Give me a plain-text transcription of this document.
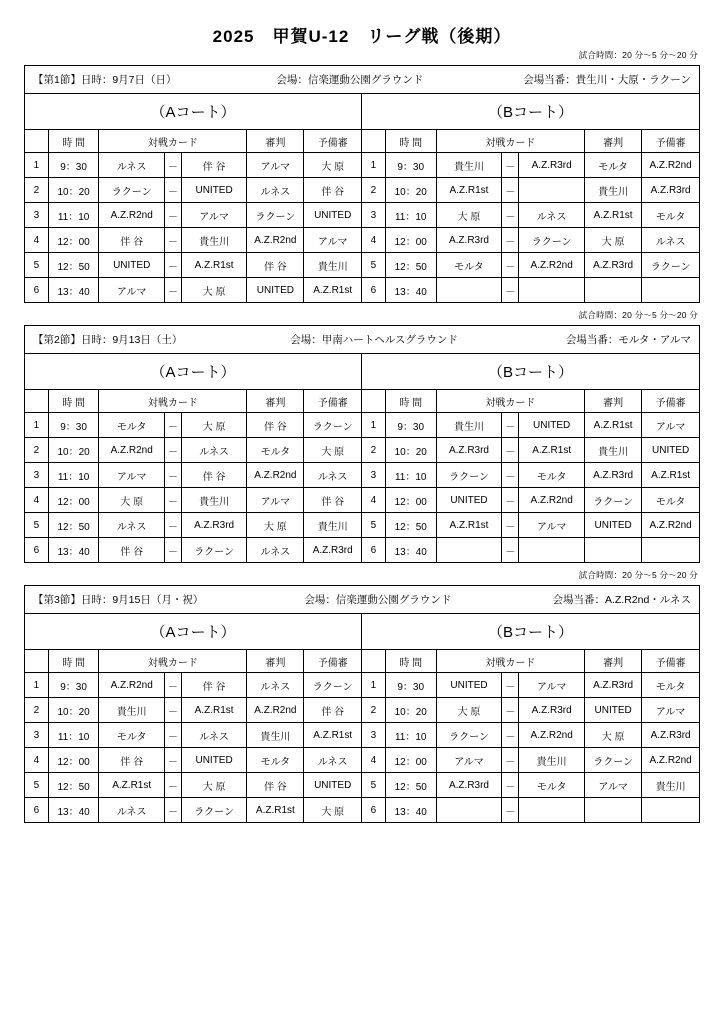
2025　甲賀U-12　リーグ戦（後期）
試合時間：20 分～5 分～20 分
【第1節】日時：9月7日（日）	会場：信楽運動公園グラウンド	会場当番：貴生川・大原・ラクーン
（Aコート）
	時 間	対戦カード			審判	予備審
1	9：30	ルネス	－	伴 谷	アルマ	大 原
2	10：20	ラクーン	－	UNITED	ルネス	伴 谷
3	11：10	A.Z.R2nd	－	アルマ	ラクーン	UNITED
4	12：00	伴 谷	－	貴生川	A.Z.R2nd	アルマ
5	12：50	UNITED	－	A.Z.R1st	伴 谷	貴生川
6	13：40	アルマ	－	大 原	UNITED	A.Z.R1st
（Bコート）
	時 間	対戦カード			審判	予備審
1	9：30	貴生川	－	A.Z.R3rd	モルタ	A.Z.R2nd
2	10：20	A.Z.R1st	－		貴生川	A.Z.R3rd
3	11：10	大 原	－	ルネス	A.Z.R1st	モルタ
4	12：00	A.Z.R3rd	－	ラクーン	大 原	ルネス
5	12：50	モルタ	－	A.Z.R2nd	A.Z.R3rd	ラクーン
6	13：40		－			
試合時間：20 分～5 分～20 分
【第2節】日時：9月13日（土）	会場：甲南ハートヘルスグラウンド	会場当番：モルタ・アルマ
（Aコート）
	時 間	対戦カード			審判	予備審
1	9：30	モルタ	－	大 原	伴 谷	ラクーン
2	10：20	A.Z.R2nd	－	ルネス	モルタ	大 原
3	11：10	アルマ	－	伴 谷	A.Z.R2nd	ルネス
4	12：00	大 原	－	貴生川	アルマ	伴 谷
5	12：50	ルネス	－	A.Z.R3rd	大 原	貴生川
6	13：40	伴 谷	－	ラクーン	ルネス	A.Z.R3rd
（Bコート）
	時 間	対戦カード			審判	予備審
1	9：30	貴生川	－	UNITED	A.Z.R1st	アルマ
2	10：20	A.Z.R3rd	－	A.Z.R1st	貴生川	UNITED
3	11：10	ラクーン	－	モルタ	A.Z.R3rd	A.Z.R1st
4	12：00	UNITED	－	A.Z.R2nd	ラクーン	モルタ
5	12：50	A.Z.R1st	－	アルマ	UNITED	A.Z.R2nd
6	13：40		－			
試合時間：20 分～5 分～20 分
【第3節】日時：9月15日（月・祝）	会場：信楽運動公園グラウンド	会場当番：A.Z.R2nd・ルネス
（Aコート）
	時 間	対戦カード			審判	予備審
1	9：30	A.Z.R2nd	－	伴 谷	ルネス	ラクーン
2	10：20	貴生川	－	A.Z.R1st	A.Z.R2nd	伴 谷
3	11：10	モルタ	－	ルネス	貴生川	A.Z.R1st
4	12：00	伴 谷	－	UNITED	モルタ	ルネス
5	12：50	A.Z.R1st	－	大 原	伴 谷	UNITED
6	13：40	ルネス	－	ラクーン	A.Z.R1st	大 原
（Bコート）
	時 間	対戦カード			審判	予備審
1	9：30	UNITED	－	アルマ	A.Z.R3rd	モルタ
2	10：20	大 原	－	A.Z.R3rd	UNITED	アルマ
3	11：10	ラクーン	－	A.Z.R2nd	大 原	A.Z.R3rd
4	12：00	アルマ	－	貴生川	ラクーン	A.Z.R2nd
5	12：50	A.Z.R3rd	－	モルタ	アルマ	貴生川
6	13：40		－			
